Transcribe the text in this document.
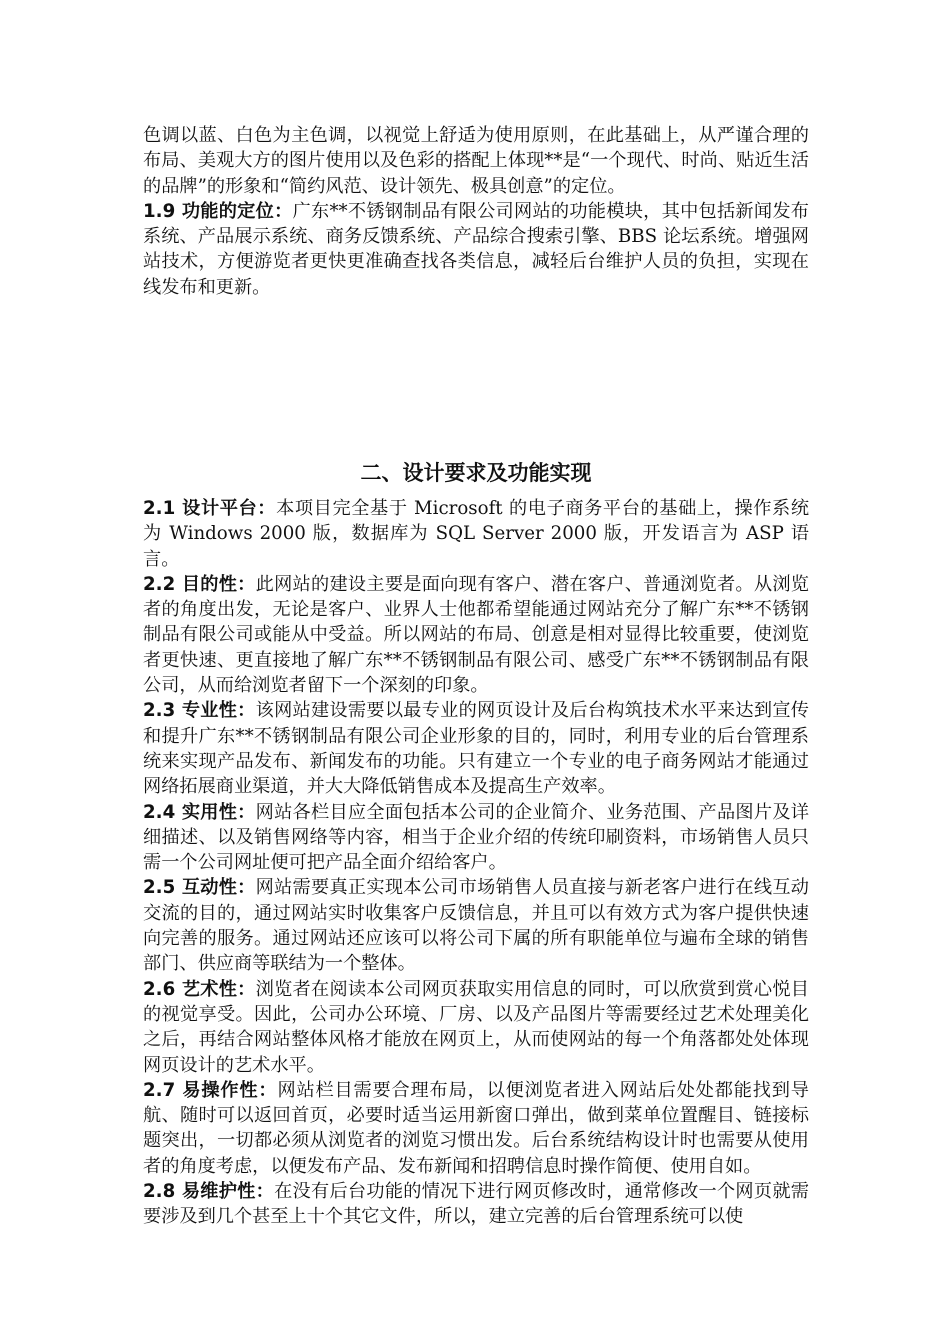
色调以蓝、白色为主色调，以视觉上舒适为使用原则，在此基础上，从严谨合理的布局、美观大方的图片使用以及色彩的搭配上体现**是“一个现代、时尚、贴近生活的品牌”的形象和“简约风范、设计领先、极具创意”的定位。

1.9 功能的定位：广东**不锈钢制品有限公司网站的功能模块，其中包括新闻发布系统、产品展示系统、商务反馈系统、产品综合搜索引擎、BBS 论坛系统。增强网站技术，方便游览者更快更准确查找各类信息，减轻后台维护人员的负担，实现在线发布和更新。

二、设计要求及功能实现

2.1 设计平台：本项目完全基于 Microsoft 的电子商务平台的基础上，操作系统为 Windows 2000 版，数据库为 SQL Server 2000 版，开发语言为 ASP 语言。

2.2 目的性：此网站的建设主要是面向现有客户、潜在客户、普通浏览者。从浏览者的角度出发，无论是客户、业界人士他都希望能通过网站充分了解广东**不锈钢制品有限公司或能从中受益。所以网站的布局、创意是相对显得比较重要，使浏览者更快速、更直接地了解广东**不锈钢制品有限公司、感受广东**不锈钢制品有限公司，从而给浏览者留下一个深刻的印象。

2.3 专业性：该网站建设需要以最专业的网页设计及后台构筑技术水平来达到宣传和提升广东**不锈钢制品有限公司企业形象的目的，同时，利用专业的后台管理系统来实现产品发布、新闻发布的功能。只有建立一个专业的电子商务网站才能通过网络拓展商业渠道，并大大降低销售成本及提高生产效率。

2.4 实用性：网站各栏目应全面包括本公司的企业简介、业务范围、产品图片及详细描述、以及销售网络等内容，相当于企业介绍的传统印刷资料，市场销售人员只需一个公司网址便可把产品全面介绍给客户。

2.5 互动性：网站需要真正实现本公司市场销售人员直接与新老客户进行在线互动交流的目的，通过网站实时收集客户反馈信息，并且可以有效方式为客户提供快速向完善的服务。通过网站还应该可以将公司下属的所有职能单位与遍布全球的销售部门、供应商等联结为一个整体。

2.6 艺术性：浏览者在阅读本公司网页获取实用信息的同时，可以欣赏到赏心悦目的视觉享受。因此，公司办公环境、厂房、以及产品图片等需要经过艺术处理美化之后，再结合网站整体风格才能放在网页上，从而使网站的每一个角落都处处体现网页设计的艺术水平。

2.7 易操作性：网站栏目需要合理布局，以便浏览者进入网站后处处都能找到导航、随时可以返回首页，必要时适当运用新窗口弹出，做到菜单位置醒目、链接标题突出，一切都必须从浏览者的浏览习惯出发。后台系统结构设计时也需要从使用者的角度考虑，以便发布产品、发布新闻和招聘信息时操作简便、使用自如。

2.8 易维护性：在没有后台功能的情况下进行网页修改时，通常修改一个网页就需要涉及到几个甚至上十个其它文件，所以，建立完善的后台管理系统可以使
